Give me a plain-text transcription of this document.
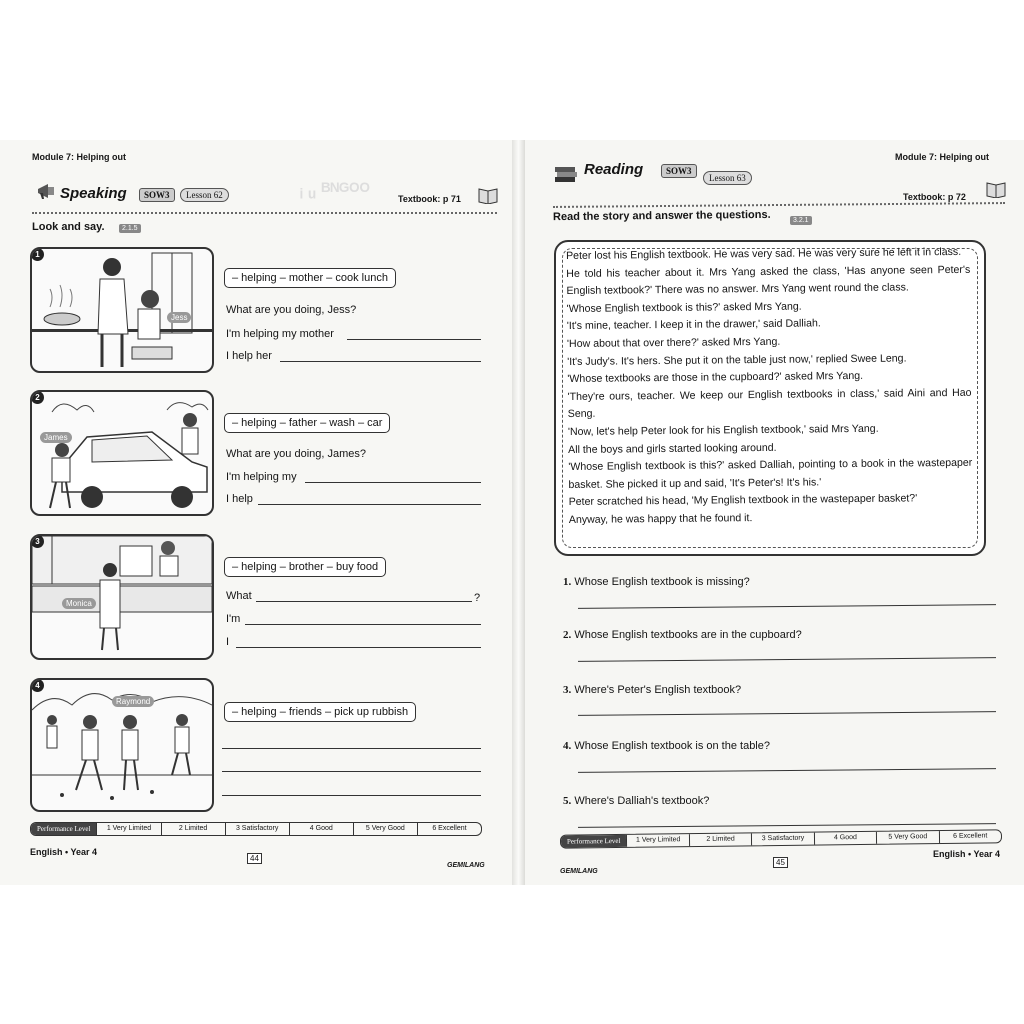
Module 7: Helping out
Speaking	SOW3	Lesson 62	ᵢ ᵤ ᴮᴺᴳᴼᴼ	Textbook: p 71
Look and say.	2.1.5
1
Jess
– helping – mother – cook lunch
What are you doing, Jess?
I'm helping my mother
I help her
2
James
– helping – father – wash – car
What are you doing, James?
I'm helping my
I help
3
Monica
– helping – brother – buy food
What	?
I'm
I
4
Raymond
– helping – friends – pick up rubbish
Performance Level	1 Very Limited	2 Limited	3 Satisfactory	4 Good	5 Very Good	6 Excellent
English • Year 4
44
GEMILANG
Module 7: Helping out
Reading	SOW3
Lesson 63
Textbook: p 72
Read the story and answer the questions.	3.2.1

Peter lost his English textbook. He was very sad. He was very sure he left it in class.

He told his teacher about it. Mrs Yang asked the class, 'Has anyone seen Peter's English textbook?' There was no answer. Mrs Yang went round the class.

'Whose English textbook is this?' asked Mrs Yang.

'It's mine, teacher. I keep it in the drawer,' said Dalliah.

'How about that over there?' asked Mrs Yang.

'It's Judy's. It's hers. She put it on the table just now,' replied Swee Leng.

'Whose textbooks are those in the cupboard?' asked Mrs Yang.

'They're ours, teacher. We keep our English textbooks in class,' said Aini and Hao Seng.

'Now, let's help Peter look for his English textbook,' said Mrs Yang.

All the boys and girls started looking around.

'Whose English textbook is this?' asked Dalliah, pointing to a book in the wastepaper basket. She picked it up and said, 'It's Peter's! It's his.'

Peter scratched his head, 'My English textbook in the wastepaper basket?'

Anyway, he was happy that he found it.

1. Whose English textbook is missing?
2. Whose English textbooks are in the cupboard?
3. Where's Peter's English textbook?
4. Whose English textbook is on the table?
5. Where's Dalliah's textbook?
Performance Level	1 Very Limited	2 Limited	3 Satisfactory	4 Good	5 Very Good	6 Excellent
GEMILANG
45
English • Year 4
